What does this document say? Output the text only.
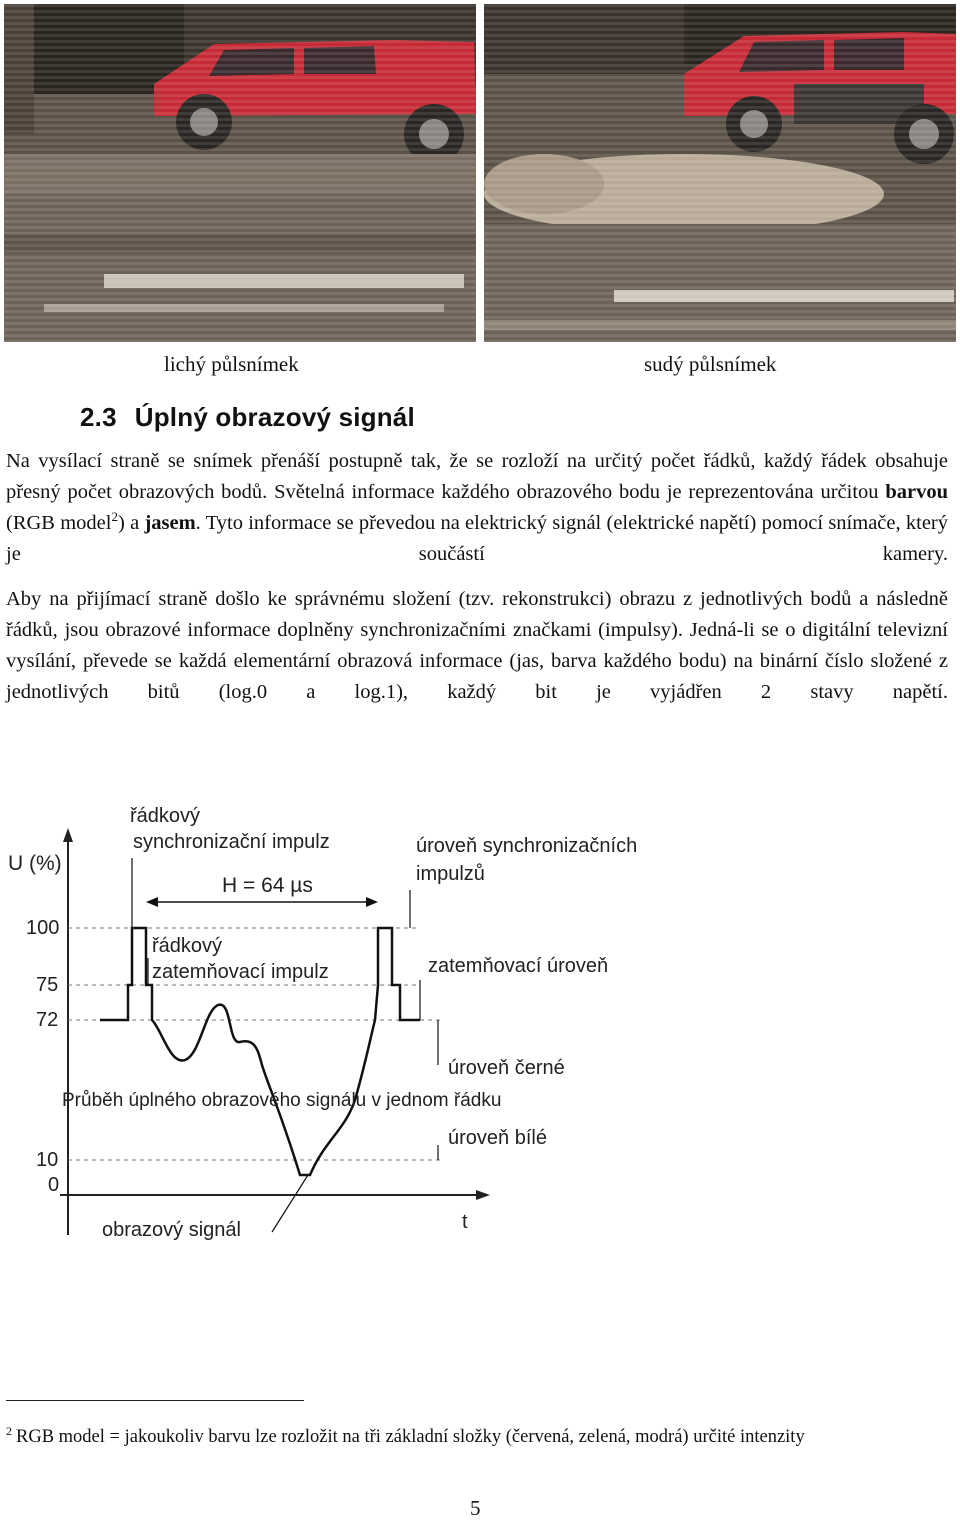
lichý půlsnímek	sudý půlsnímek
2.3 Úplný obrazový signál

Na vysílací straně se snímek přenáší postupně tak, že se rozloží na určitý počet řádků, každý řádek obsahuje přesný počet obrazových bodů. Světelná informace každého obrazového bodu je reprezentována určitou barvou (RGB model$^2$) a jasem. Tyto informace se převedou na elektrický signál (elektrické napětí) pomocí snímače, který je součástí kamery.

Aby na přijímací straně došlo ke správnému složení (tzv. rekonstrukci) obrazu z jednotlivých bodů a následně řádků, jsou obrazové informace doplněny synchronizačními značkami (impulsy). Jedná-li se o digitální televizní vysílání, převede se každá elementární obrazová informace (jas, barva každého bodu) na binární číslo složené z jednotlivých bitů (log.0 a log.1), každý bit je vyjádřen 2 stavy napětí.

U (%)
100
75
72
10
0
H = 64 µs
řádkový
synchronizační impulz
řádkový
zatemňovací impulz
úroveň synchronizačních
impulzů
zatemňovací úroveň
úroveň černé
úroveň bílé
obrazový signál	t
Průběh úplného obrazového signálu v jednom řádku
$^2$ RGB model = jakoukoliv barvu lze rozložit na tři základní složky (červená, zelená, modrá) určité intenzity
5
